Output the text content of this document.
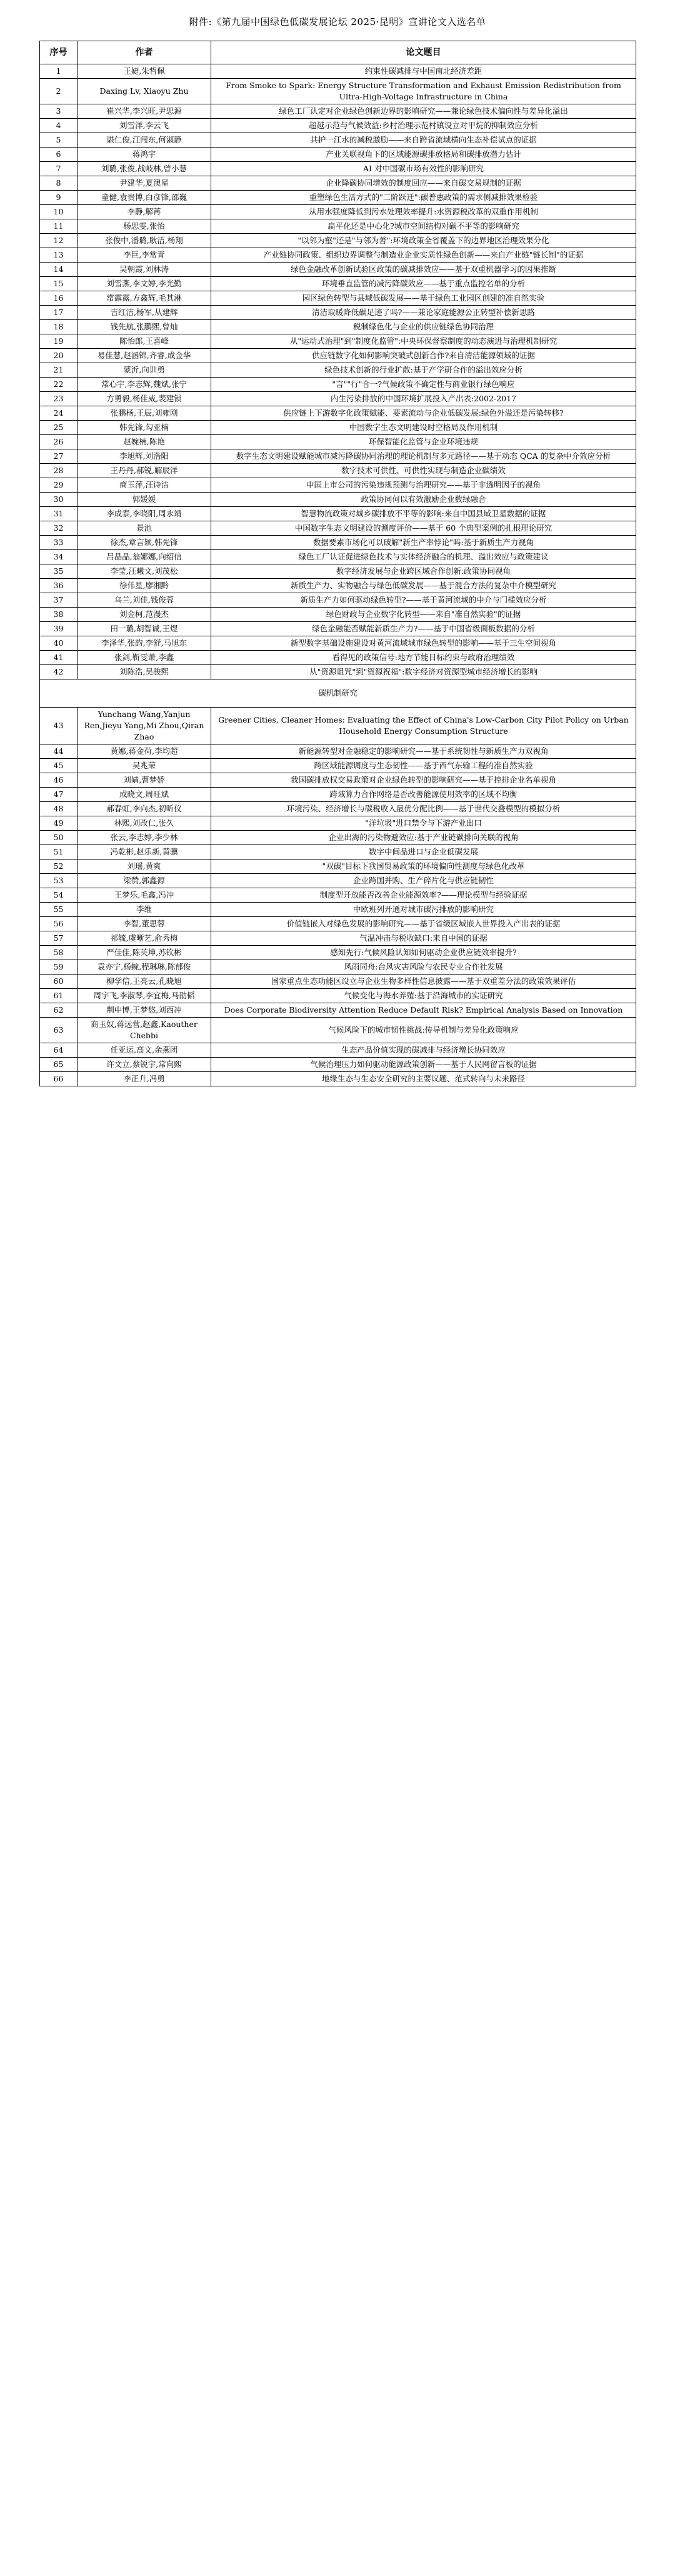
附件:《第九届中国绿色低碳发展论坛 2025·昆明》宣讲论文入选名单
序号	作者	论文题目
1	王婕,朱哲佩	约束性碳减排与中国南北经济差距
2	Daxing Lv, Xiaoyu Zhu	From Smoke to Spark: Energy Structure Transformation and Exhaust Emission Redistribution from Ultra-High-Voltage Infrastructure in China
3	崔兴华,李兴旺,尹思源	绿色工厂认定对企业绿色创新边界的影响研究——兼论绿色技术偏向性与差异化溢出
4	刘雪洋,李云飞	超越示范与气候效益:乡村治理示范村镇设立对甲烷的抑制效应分析
5	谌仁俊,江闯东,何淑静	共护一江水的减税激励——来自跨省流域横向生态补偿试点的证据
6	蒋鸿宇	产业关联视角下的区域能源碳排放格局和碳排放潜力估计
7	刘璐,张俊,战岐林,曾小慧	AI 对中国碳市场有效性的影响研究
8	尹建华,夏澳星	企业降碳协同增效的制度回应——来自碳交易规制的证据
9	童健,袁贵博,白彦锋,邵巍	重塑绿色生活方式的"二阶跃迁":碳普惠政策的需求侧减排效果检验
10	李静,解苒	从用水强度降低到污水处理效率提升:水资源税改革的双重作用机制
11	杨思雯,张怡	扁平化还是中心化?城市空间结构对碳不平等的影响研究
12	张俊中,潘璐,耿洁,杨翔	"以邻为壑"还是"与邻为善":环境政策全省覆盖下的边界地区治理效果分化
13	李巨,李常青	产业链协同政策、组织边界调整与制造业企业实质性绿色创新——来自产业链"链长制"的证据
14	吴朝霞,刘林涛	绿色金融改革创新试验区政策的碳减排效应——基于双重机器学习的因果推断
15	刘雪燕,李文婷,李光勤	环境垂直监管的减污降碳效应——基于重点监控名单的分析
16	常露露,方鑫辉,毛其淋	园区绿色转型与县域低碳发展——基于绿色工业园区创建的准自然实验
17	吉红洁,杨军,从建辉	清洁取暖降低碳足迹了吗?——兼论家庭能源公正转型补偿新思路
18	钱先航,张鹏熙,曾灿	税制绿色化与企业的供应链绿色协同治理
19	陈怡郎,王喜峰	从"运动式治理"到"制度化监管":中央环保督察制度的动态演进与治理机制研究
20	易佳慧,赵涵锦,齐睿,成金华	供应链数字化如何影响突破式创新合作?来自清洁能源领域的证据
21	蒙沂,向训勇	绿色技术创新的行业扩散:基于产学研合作的溢出效应分析
22	常心宇,李志辉,魏斌,张宁	"言""行"合一?气候政策不确定性与商业银行绿色响应
23	方勇毅,杨佳威,裴建锁	内生污染排放的中国环境扩展投入产出表:2002-2017
24	张鹏杨,王辰,刘雍刚	供应链上下游数字化政策赋能、要素流动与企业低碳发展:绿色外溢还是污染转移?
25	韩先锋,勾亚楠	中国数字生态文明建设时空格局及作用机制
26	赵婉楠,陈艳	环保智能化监管与企业环境违规
27	李旭辉,刘浩阳	数字生态文明建设赋能城市减污降碳协同治理的理论机制与多元路径——基于动态 QCA 的复杂中介效应分析
28	王丹丹,郝锐,解辰洋	数字技术可供性、可供性实现与制造企业碳绩效
29	商玉萍,汪诗洁	中国上市公司的污染违规预测与治理研究——基于非透明因子的视角
30	郭媛媛	政策协同何以有效激励企业数绿融合
31	李成泰,李晓阳,周永靖	智慧物流政策对城乡碳排放不平等的影响:来自中国县域卫星数据的证据
32	景池	中国数字生态文明建设的测度评价——基于 60 个典型案例的扎根理论研究
33	徐杰,章言颖,韩先锋	数据要素市场化可以破解"新生产率悖论"吗:基于新质生产力视角
34	吕晶晶,翁娜娜,向绍信	绿色工厂认证促进绿色技术与实体经济融合的机理、溢出效应与政策建议
35	李莹,汪曦文,刘茂松	数字经济发展与企业跨区域合作创新:政策协同视角
36	徐伟星,廖湘黔	新质生产力、实物融合与绿色低碳发展——基于混合方法的复杂中介模型研究
37	乌兰,刘佳,钱俊蓉	新质生产力如何驱动绿色转型?——基于黄河流域的中介与门槛效应分析
38	刘金柯,范漫杰	绿色财政与企业数字化转型——来自"准自然实验"的证据
39	田一璐,胡智诚,王煜	绿色金融能否赋能新质生产力?——基于中国省级面板数据的分析
40	李泽华,张韵,李舒,马旭东	新型数字基础设施建设对黄河流域城市绿色转型的影响——基于三生空间视角
41	张剑,靳雯萧,李鑫	看得见的政策信号:地方节能目标约束与政府治理绩效
42	刘陈浩,吴骏熙	从"资源诅咒"到"资源祝福":数字经济对资源型城市经济增长的影响
碳机制研究		
43	Yunchang Wang,Yanjun Ren,Jieyu Yang,Mi Zhou,Qiran Zhao	Greener Cities, Cleaner Homes: Evaluating the Effect of China's Low-Carbon City Pilot Policy on Urban Household Energy Consumption Structure
44	黄娜,蒋金荷,李均超	新能源转型对金融稳定的影响研究——基于系统韧性与新质生产力双视角
45	吴兆荣	跨区域能源调度与生态韧性——基于西气东输工程的准自然实验
46	刘婧,曹梦娇	我国碳排放权交易政策对企业绿色转型的影响研究——基于控排企业名单视角
47	成晓文,周旺斌	跨域算力合作网络是否改善能源使用效率的区域不均衡
48	郝春虹,李向杰,初昕仪	环境污染、经济增长与碳税收入最优分配比例——基于世代交叠模型的模拟分析
49	林熙,刘改仁,张久	"洋垃圾"进口禁令与下游产业出口
50	张云,李志婷,李少林	企业出海的污染物避效应:基于产业链碳排向关联的视角
51	冯乾彬,赵乐新,黄骥	数字中间品进口与企业低碳发展
52	刘瑶,黄爽	"双碳"目标下我国贸易政策的环境偏向性测度与绿色化改革
53	梁赞,郭鑫源	企业跨国并购、生产碎片化与供应链韧性
54	王梦乐,毛鑫,冯冲	制度型开放能否改善企业能源效率?——理论模型与经验证据
55	李维	中欧班列开通对城市碳污排放的影响研究
56	李智,董思蓉	价值链嵌入对绿色发展的影响研究——基于省级区域嵌入世界投入产出表的证据
57	祁毓,虞晰艺,俞秀梅	气温冲击与税收缺口:来自中国的证据
58	严佳佳,陈英坤,苏钦彬	感知先行:气候风险认知如何驱动企业供应链效率提升?
59	袁亦宁,杨蜿,程琳琳,陈郁俊	风雨同舟:台风灾害风险与农民专业合作社发展
60	柳学信,王亮云,孔晓旭	国家重点生态功能区设立与企业生物多样性信息披露——基于双重差分法的政策效果评估
61	周宇飞,李淑琴,李宜梅,马劭韬	气候变化与海水养殖:基于沿海城市的实证研究
62	荆中博,王梦悠,刘西冲	Does Corporate Biodiversity Attention Reduce Default Risk? Empirical Analysis Based on Innovation
63	商玉奴,蒋远营,赵鑫,Kaouther Chebbi	气候风险下的城市韧性挑战:传导机制与差异化政策响应
64	任亚运,高文,余燕团	生态产品价值实现的碳减排与经济增长协同效应
65	许文立,蔡锐宇,常向熙	气候治理压力如何驱动能源政策创新——基于人民网留言板的证据
66	李正升,冯勇	地缘生态与生态安全研究的主要议题、范式转向与未来路径
